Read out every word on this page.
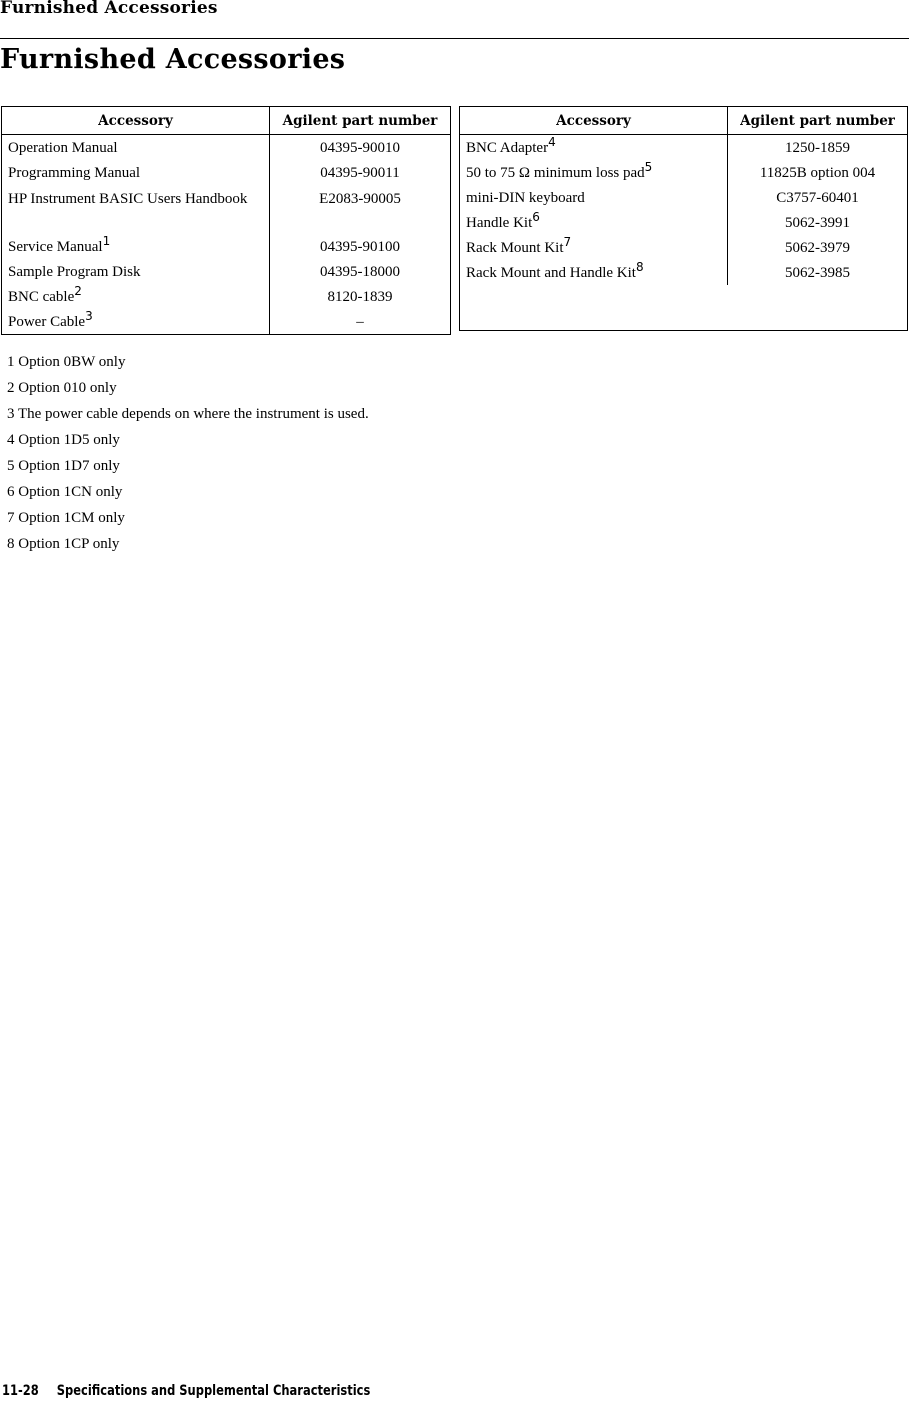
Furnished Accessories
Furnished Accessories
Accessory	Agilent part number
Operation Manual	04395-90010
Programming Manual	04395-90011
HP Instrument BASIC Users Handbook	E2083-90005
Service Manual$^1$	04395-90100
Sample Program Disk	04395-18000
BNC cable$^2$	8120-1839
Power Cable$^3$	–
Accessory	Agilent part number
BNC Adapter$^4$	1250-1859
50 to 75 Ω minimum loss pad$^5$	11825B option 004
mini-DIN keyboard	C3757-60401
Handle Kit$^6$	5062-3991
Rack Mount Kit$^7$	5062-3979
Rack Mount and Handle Kit$^8$	5062-3985

1 Option 0BW only
2 Option 010 only
3 The power cable depends on where the instrument is used.
4 Option 1D5 only
5 Option 1D7 only
6 Option 1CN only
7 Option 1CM only
8 Option 1CP only
11-28 Specifications and Supplemental Characteristics
